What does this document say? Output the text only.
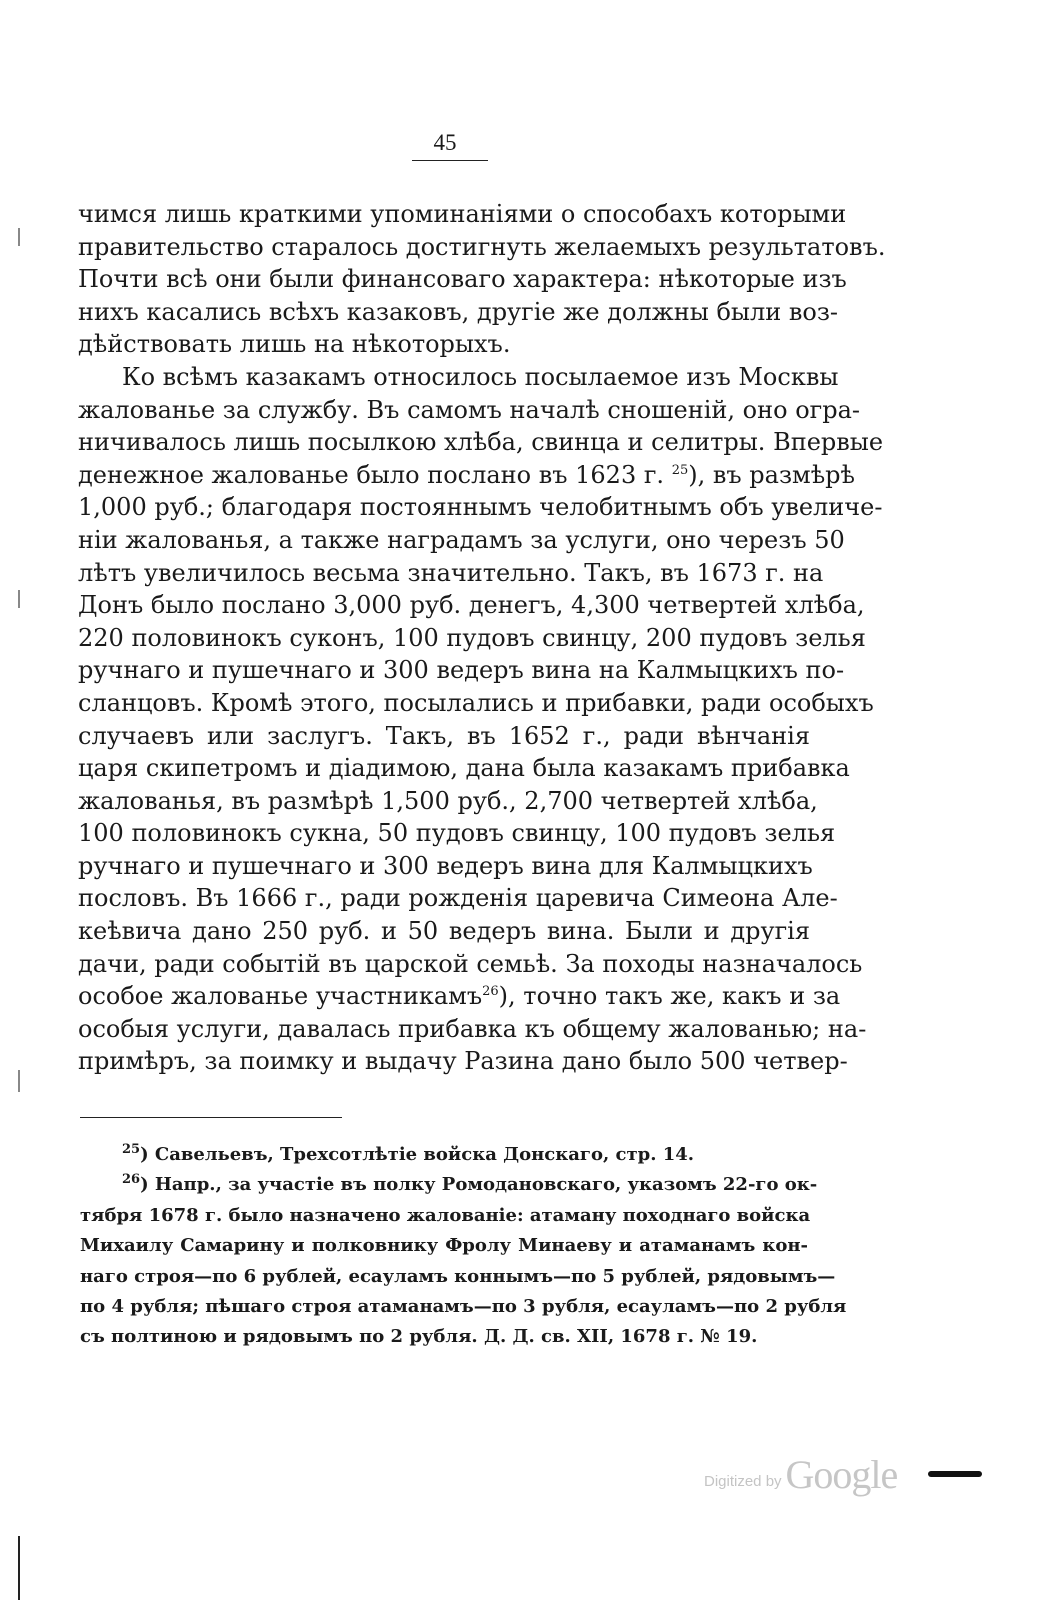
45
чимся лишь краткими упоминаніями о способахъ которыми
правительство старалось достигнуть желаемыхъ результатовъ.
Почти всѣ они были финансоваго характера: нѣкоторые изъ
нихъ касались всѣхъ казаковъ, другіе же должны были воз-
дѣйствовать лишь на нѣкоторыхъ.
Ко всѣмъ казакамъ относилось посылаемое изъ Москвы
жалованье за службу. Въ самомъ началѣ сношеній, оно огра-
ничивалось лишь посылкою хлѣба, свинца и селитры. Впервые
денежное жалованье было послано въ 1623 г. $^{25}$), въ размѣрѣ
1,000 руб.; благодаря постояннымъ челобитнымъ объ увеличе-
ніи жалованья, а также наградамъ за услуги, оно черезъ 50
лѣтъ увеличилось весьма значительно. Такъ, въ 1673 г. на
Донъ было послано 3,000 руб. денегъ, 4,300 четвертей хлѣба,
220 половинокъ суконъ, 100 пудовъ свинцу, 200 пудовъ зелья
ручнаго и пушечнаго и 300 ведеръ вина на Калмыцкихъ по-
сланцовъ. Кромѣ этого, посылались и прибавки, ради особыхъ
случаевъ или заслугъ. Такъ, въ 1652 г., ради вѣнчанія
царя скипетромъ и діадимою, дана была казакамъ прибавка
жалованья, въ размѣрѣ 1,500 руб., 2,700 четвертей хлѣба,
100 половинокъ сукна, 50 пудовъ свинцу, 100 пудовъ зелья
ручнаго и пушечнаго и 300 ведеръ вина для Калмыцкихъ
пословъ. Въ 1666 г., ради рожденія царевича Симеона Але-
кеѣвича дано 250 руб. и 50 ведеръ вина. Были и другія
дачи, ради событій въ царской семьѣ. За походы назначалось
особое жалованье участникамъ$^{26}$), точно такъ же, какъ и за
особыя услуги, давалась прибавка къ общему жалованью; на-
примѣръ, за поимку и выдачу Разина дано было 500 четвер-
$^{25}$) Савельевъ, Трехсотлѣтіе войска Донскаго, стр. 14.
$^{26}$) Напр., за участіе въ полку Ромодановскаго, указомъ 22-го ок-
тября 1678 г. было назначено жалованіе: атаману походнаго войска
Михаилу Самарину и полковнику Фролу Минаеву и атаманамъ кон-
наго строя—по 6 рублей, есауламъ коннымъ—по 5 рублей, рядовымъ—
по 4 рубля; пѣшаго строя атаманамъ—по 3 рубля, есауламъ—по 2 рубля
съ полтиною и рядовымъ по 2 рубля. Д. Д. св. XII, 1678 г. № 19.
Digitized by Google
